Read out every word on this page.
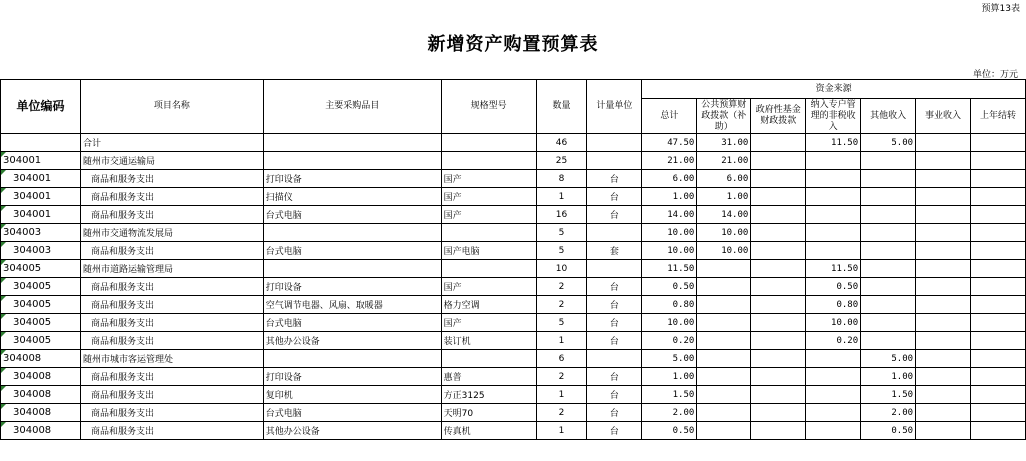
预算13表
新增资产购置预算表
单位：万元
单位编码	项目名称	主要采购品目	规格型号	数量	计量单位	资金来源						
						总计	公共预算财政拨款（补助）	政府性基金财政拨款	纳入专户管理的非税收入	其他收入	事业收入	上年结转
	合计			46		47.50	31.00		11.50	5.00		
304001	随州市交通运输局			25		21.00	21.00					
304001	商品和服务支出	打印设备	国产	8	台	6.00	6.00					
304001	商品和服务支出	扫描仪	国产	1	台	1.00	1.00					
304001	商品和服务支出	台式电脑	国产	16	台	14.00	14.00					
304003	随州市交通物流发展局			5		10.00	10.00					
304003	商品和服务支出	台式电脑	国产电脑	5	套	10.00	10.00					
304005	随州市道路运输管理局			10		11.50			11.50			
304005	商品和服务支出	打印设备	国产	2	台	0.50			0.50			
304005	商品和服务支出	空气调节电器、风扇、取暖器	格力空调	2	台	0.80			0.80			
304005	商品和服务支出	台式电脑	国产	5	台	10.00			10.00			
304005	商品和服务支出	其他办公设备	装订机	1	台	0.20			0.20			
304008	随州市城市客运管理处			6		5.00				5.00		
304008	商品和服务支出	打印设备	惠普	2	台	1.00				1.00		
304008	商品和服务支出	复印机	方正3125	1	台	1.50				1.50		
304008	商品和服务支出	台式电脑	天明70	2	台	2.00				2.00		
304008	商品和服务支出	其他办公设备	传真机	1	台	0.50				0.50		
